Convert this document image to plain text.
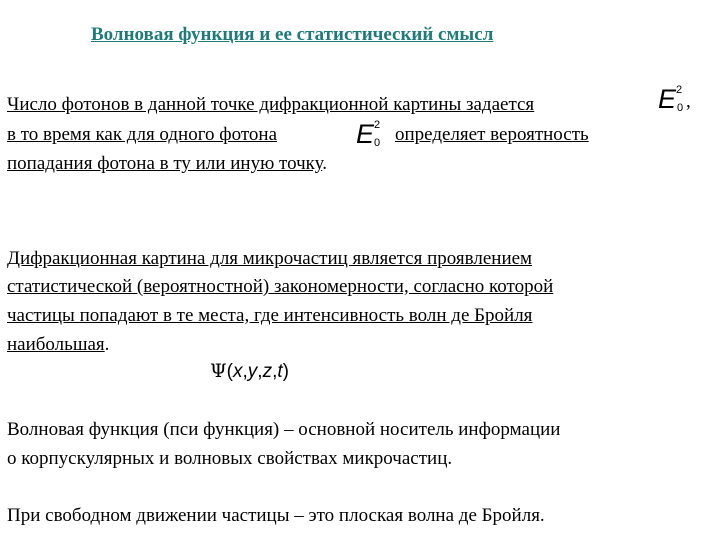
Волновая функция и ее статистический смысл
Число фотонов в данной точке дифракционной картины задается	E 2
0 ,
в то время как для одного фотона	E 2
0 определяет вероятность
попадания фотона в ту или иную точку.
Дифракционная картина для микрочастиц является проявлением
статистической (вероятностной) закономерности, согласно которой
частицы попадают в те места, где интенсивность волн де Бройля
наибольшая.
Ψ(x,y,z,t)
Волновая функция (пси функция) – основной носитель информации
о корпускулярных и волновых свойствах микрочастиц.
При свободном движении частицы – это плоская волна де Бройля.
